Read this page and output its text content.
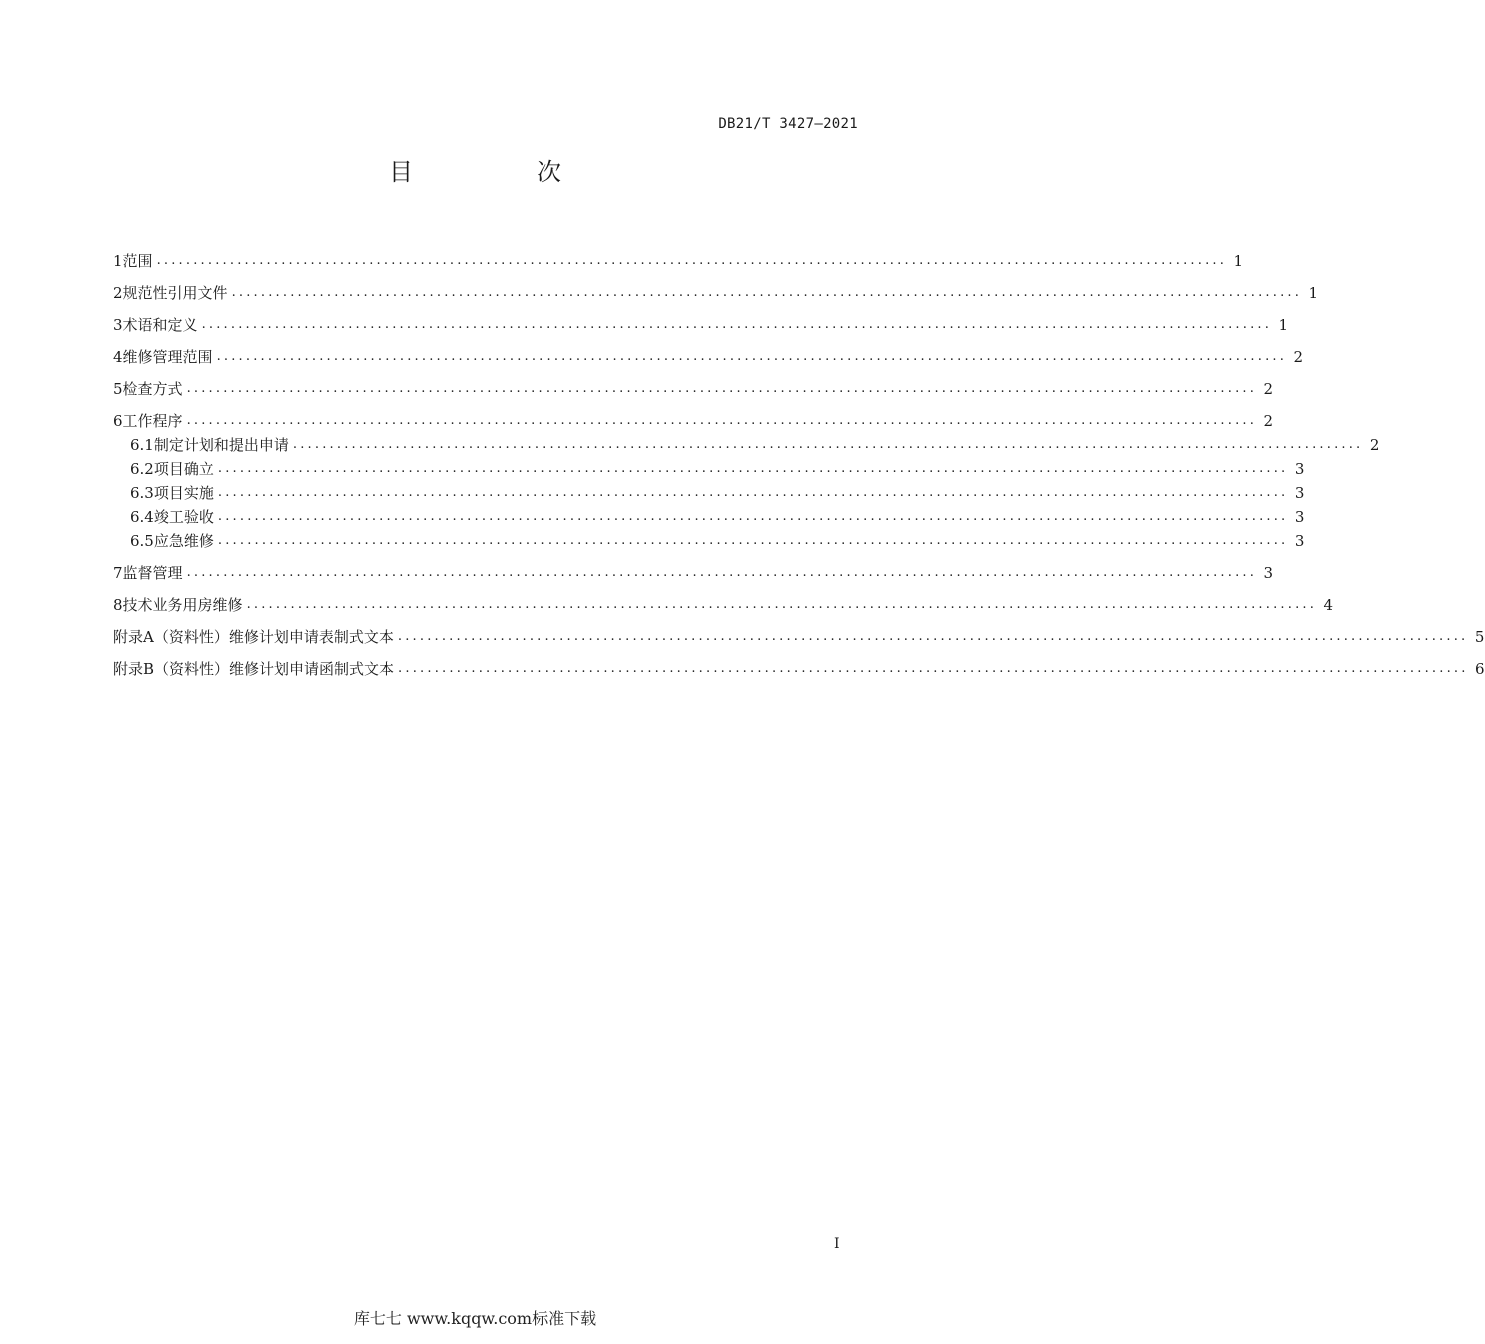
DB21/T 3427—2021
目　次
1 范围 .................................................................................................................................................. 1
2 规范性引用文件 .................................................................................................................................................. 1
3 术语和定义 .................................................................................................................................................. 1
4 维修管理范围 .................................................................................................................................................. 2
5 检查方式 .................................................................................................................................................. 2
6 工作程序 .................................................................................................................................................. 2
6.1 制定计划和提出申请 .................................................................................................................................................. 2
6.2 项目确立 .................................................................................................................................................. 3
6.3 项目实施 .................................................................................................................................................. 3
6.4 竣工验收 .................................................................................................................................................. 3
6.5 应急维修 .................................................................................................................................................. 3
7 监督管理 .................................................................................................................................................. 3
8 技术业务用房维修 .................................................................................................................................................. 4
附录A（资料性） 维修计划申请表制式文本 .................................................................................................................................................. 5
附录B（资料性） 维修计划申请函制式文本 .................................................................................................................................................. 6
I
库七七 www.kqqw.com标准下载
